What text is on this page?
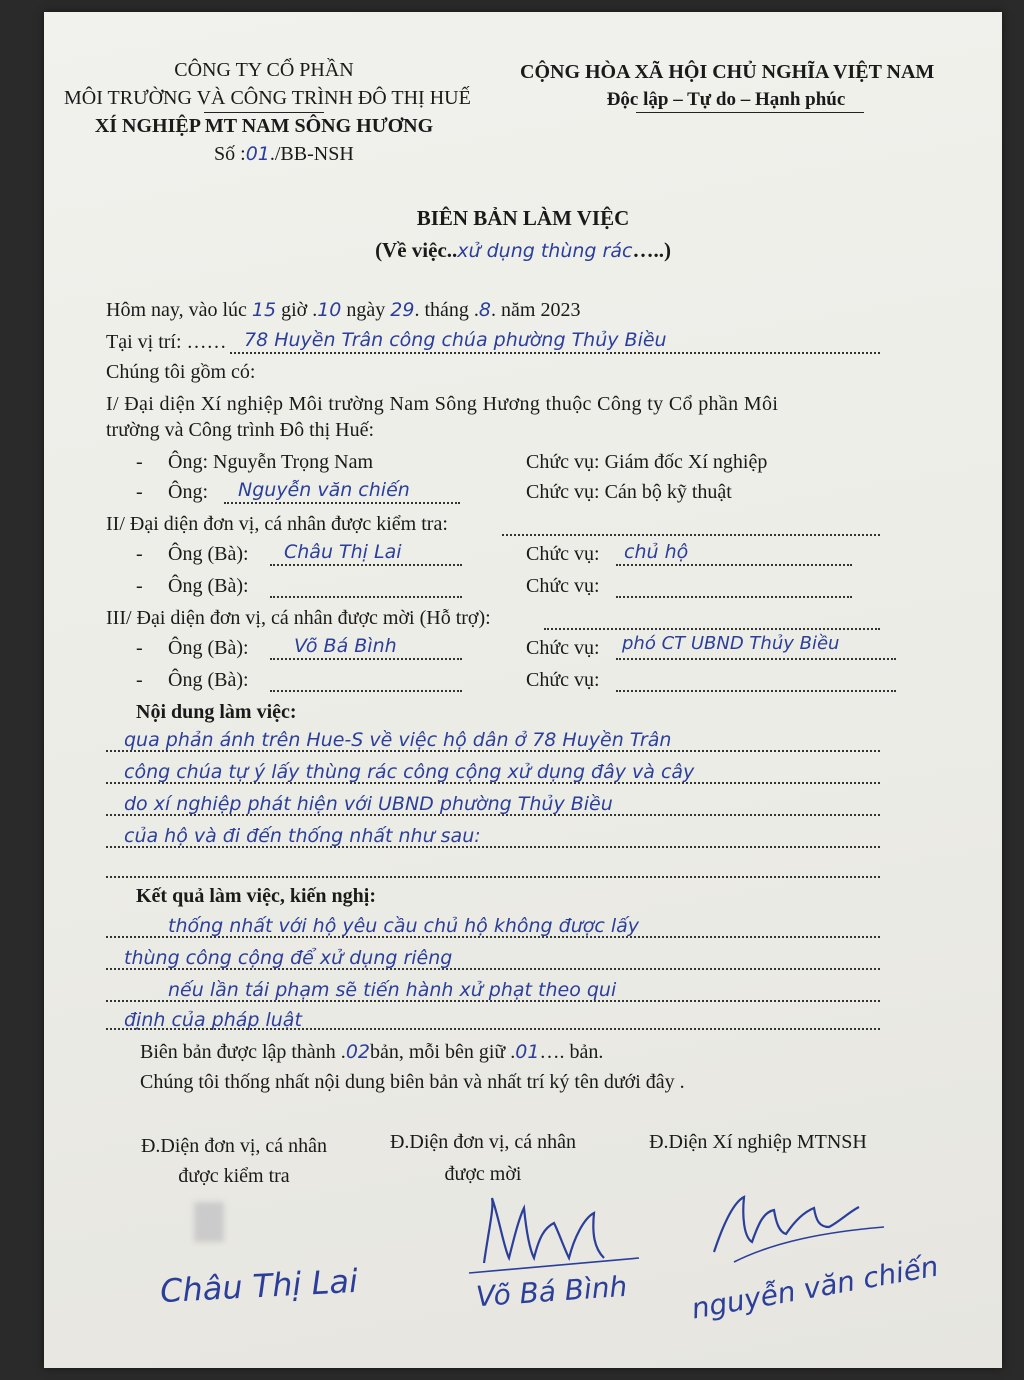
CÔNG TY CỔ PHẦN
MÔI TRƯỜNG VÀ CÔNG TRÌNH ĐÔ THỊ HUẾ
XÍ NGHIỆP MT NAM SÔNG HƯƠNG
Số :01./BB-NSH
CỘNG HÒA XÃ HỘI CHỦ NGHĨA VIỆT NAM
Độc lập – Tự do – Hạnh phúc
BIÊN BẢN LÀM VIỆC
(Về việc..xử dụng thùng rác…..)
Hôm nay, vào lúc 15 giờ .10 ngày 29. tháng .8. năm 2023
Tại vị trí: …… 78 Huyền Trân công chúa phường Thủy Biều
Chúng tôi gồm có:
I/ Đại diện Xí nghiệp Môi trường Nam Sông Hương thuộc Công ty Cổ phần Môi
trường và Công trình Đô thị Huế:
- Ông: Nguyễn Trọng Nam	Chức vụ: Giám đốc Xí nghiệp
- Ông: Nguyễn văn chiến	Chức vụ: Cán bộ kỹ thuật
II/ Đại diện đơn vị, cá nhân được kiểm tra:
- Ông (Bà): Châu Thị Lai	Chức vụ: chủ hộ
- Ông (Bà):	Chức vụ:
III/ Đại diện đơn vị, cá nhân được mời (Hỗ trợ):
- Ông (Bà): Võ Bá Bình	Chức vụ: phó CT UBND Thủy Biều
- Ông (Bà):	Chức vụ:
Nội dung làm việc:
qua phản ánh trên Hue-S về việc hộ dân ở 78 Huyền Trân
công chúa tự ý lấy thùng rác công cộng xử dụng đây và cây
do xí nghiệp phát hiện với UBND phường Thủy Biều
của hộ và đi đến thống nhất như sau:
Kết quả làm việc, kiến nghị:
thống nhất với hộ yêu cầu chủ hộ không được lấy
thùng công cộng để xử dụng riêng
nếu lần tái phạm sẽ tiến hành xử phạt theo qui
định của pháp luật
Biên bản được lập thành .02bản, mỗi bên giữ .01…. bản.
Chúng tôi thống nhất nội dung biên bản và nhất trí ký tên dưới đây .
Đ.Diện đơn vị, cá nhân
được kiểm tra
Đ.Diện đơn vị, cá nhân
được mời
Đ.Diện Xí nghiệp MTNSH
Châu Thị Lai	Võ Bá Bình nguyễn văn chiến
